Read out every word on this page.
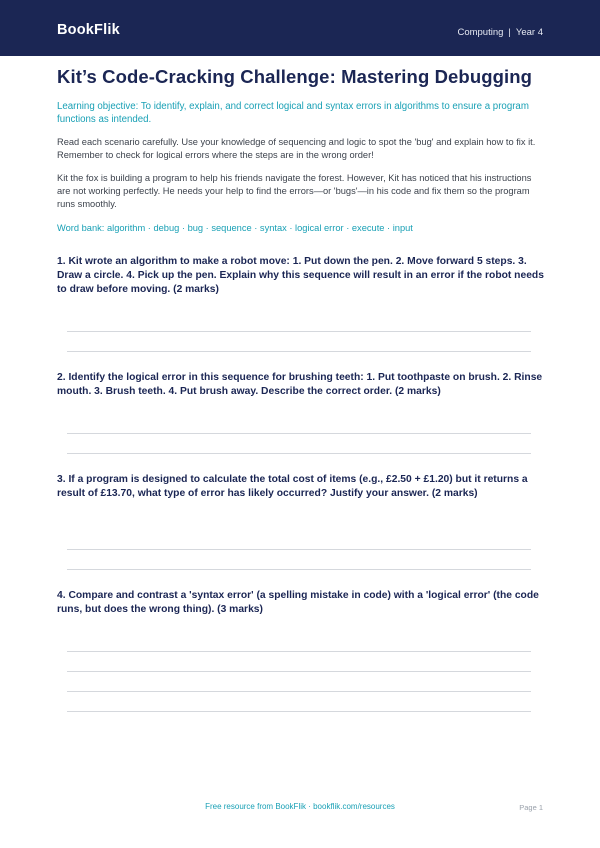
BookFlik	Computing | Year 4
Kit’s Code-Cracking Challenge: Mastering Debugging
Learning objective: To identify, explain, and correct logical and syntax errors in algorithms to ensure a program functions as intended.
Read each scenario carefully. Use your knowledge of sequencing and logic to spot the 'bug' and explain how to fix it. Remember to check for logical errors where the steps are in the wrong order!
Kit the fox is building a program to help his friends navigate the forest. However, Kit has noticed that his instructions are not working perfectly. He needs your help to find the errors—or 'bugs'—in his code and fix them so the program runs smoothly.
Word bank: algorithm · debug · bug · sequence · syntax · logical error · execute · input
1. Kit wrote an algorithm to make a robot move: 1. Put down the pen. 2. Move forward 5 steps. 3. Draw a circle. 4. Pick up the pen. Explain why this sequence will result in an error if the robot needs to draw before moving. (2 marks)
2. Identify the logical error in this sequence for brushing teeth: 1. Put toothpaste on brush. 2. Rinse mouth. 3. Brush teeth. 4. Put brush away. Describe the correct order. (2 marks)
3. If a program is designed to calculate the total cost of items (e.g., £2.50 + £1.20) but it returns a result of £13.70, what type of error has likely occurred? Justify your answer. (2 marks)
4. Compare and contrast a 'syntax error' (a spelling mistake in code) with a 'logical error' (the code runs, but does the wrong thing). (3 marks)
Free resource from BookFlik · bookflik.com/resources	Page 1
